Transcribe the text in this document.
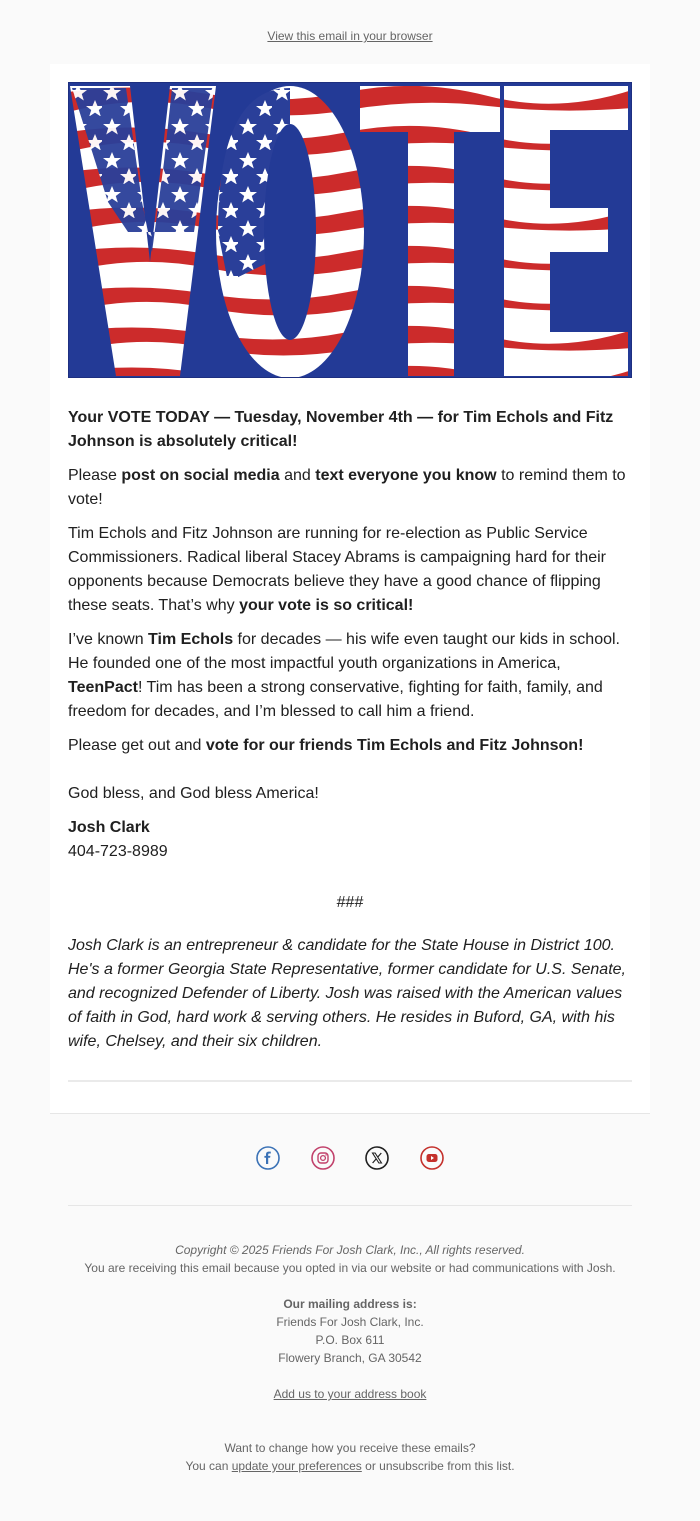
View this email in your browser

Your VOTE TODAY — Tuesday, November 4th — for Tim Echols and Fitz Johnson is absolutely critical!

Please post on social media and text everyone you know to remind them to vote!

Tim Echols and Fitz Johnson are running for re-election as Public Service Commissioners. Radical liberal Stacey Abrams is campaigning hard for their opponents because Democrats believe they have a good chance of flipping these seats. That’s why your vote is so critical!

I’ve known Tim Echols for decades — his wife even taught our kids in school. He founded one of the most impactful youth organizations in America, TeenPact! Tim has been a strong conservative, fighting for faith, family, and freedom for decades, and I’m blessed to call him a friend.

Please get out and vote for our friends Tim Echols and Fitz Johnson!

God bless, and God bless America!

Josh Clark
404-723-8989
###
Josh Clark is an entrepreneur & candidate for the State House in District 100. He's a former Georgia State Representative, former candidate for U.S. Senate, and recognized Defender of Liberty. Josh was raised with the American values of faith in God, hard work & serving others. He resides in Buford, GA, with his wife, Chelsey, and their six children.

Copyright © 2025 Friends For Josh Clark, Inc., All rights reserved.
You are receiving this email because you opted in via our website or had communications with Josh.
Our mailing address is:
Friends For Josh Clark, Inc.
P.O. Box 611
Flowery Branch, GA 30542
Add us to your address book
Want to change how you receive these emails?
You can update your preferences or unsubscribe from this list.
